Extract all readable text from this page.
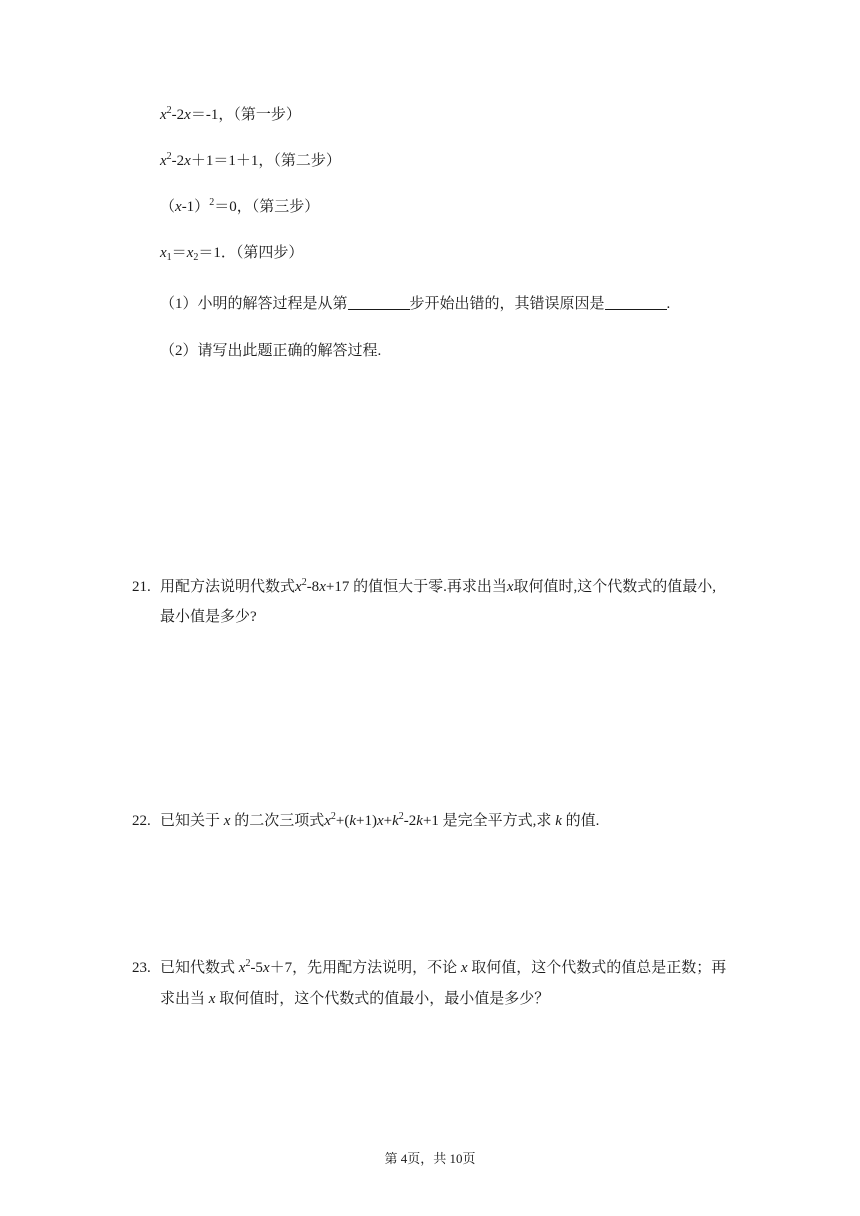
$x^2-2x=-1$，（第一步）
$x^2-2x+1=1+1$，（第二步）
$(x-1)^2=0$，（第三步）
$x_1=x_2=1$．（第四步）
（1）小明的解答过程是从第	步开始出错的，其错误原因是	.
（2）请写出此题正确的解答过程.
21. 用配方法说明代数式$x^2-8x+17$ 的值恒大于零.再求出当x取何值时,这个代数式的值最小,
最小值是多少?
22. 已知关于 x 的二次三项式$x^2+(k+1)x+k^2-2k+1$ 是完全平方式,求 k 的值.
23. 已知代数式 $x^2-5x+7$，先用配方法说明，不论 x 取何值，这个代数式的值总是正数；再
求出当 x 取何值时，这个代数式的值最小，最小值是多少？
第 4页，共 10页
